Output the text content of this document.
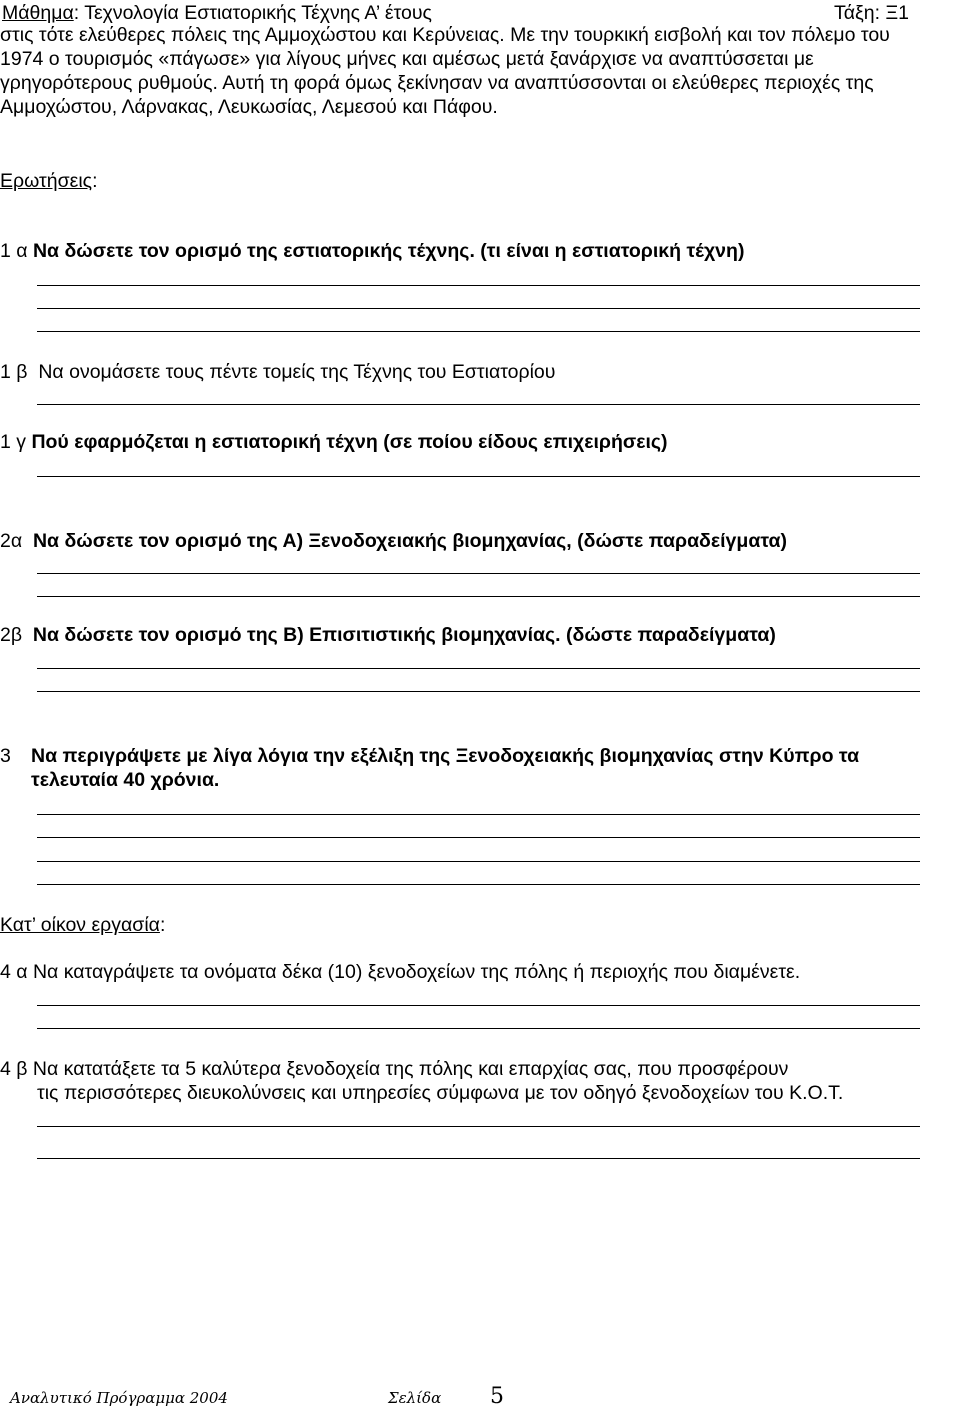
Μάθημα: Τεχνολογία Εστιατορικής Τέχνης Α’ έτους	Τάξη: Ξ1
στις τότε ελεύθερες πόλεις της Αμμοχώστου και Κερύνειας. Με την τουρκική εισβολή και τον πόλεμο του
1974 ο τουρισμός «πάγωσε» για λίγους μήνες και αμέσως μετά ξανάρχισε να αναπτύσσεται με
γρηγορότερους ρυθμούς. Αυτή τη φορά όμως ξεκίνησαν να αναπτύσσονται οι ελεύθερες περιοχές της
Αμμοχώστου, Λάρνακας, Λευκωσίας, Λεμεσού και Πάφου.
Ερωτήσεις:
1 α Να δώσετε τον ορισμό της εστιατορικής τέχνης. (τι είναι η εστιατορική τέχνη)
1 β Να ονομάσετε τους πέντε τομείς της Τέχνης του Εστιατορίου
1 γ Πού εφαρμόζεται η εστιατορική τέχνη (σε ποίου είδους επιχειρήσεις)
2α Να δώσετε τον ορισμό της Α) Ξενοδοχειακής βιομηχανίας, (δώστε παραδείγματα)
2β Να δώσετε τον ορισμό της Β) Επισιτιστικής βιομηχανίας. (δώστε παραδείγματα)
3 Να περιγράψετε με λίγα λόγια την εξέλιξη της Ξενοδοχειακής βιομηχανίας στην Κύπρο τα
τελευταία 40 χρόνια.
Κατ’ οίκον εργασία:
4 α Να καταγράψετε τα ονόματα δέκα (10) ξενοδοχείων της πόλης ή περιοχής που διαμένετε.
4 β Να κατατάξετε τα 5 καλύτερα ξενοδοχεία της πόλης και επαρχίας σας, που προσφέρουν
τις περισσότερες διευκολύνσεις και υπηρεσίες σύμφωνα με τον οδηγό ξενοδοχείων του Κ.Ο.Τ.
Αναλυτικό Πρόγραμμα 2004	Σελίδα 5
